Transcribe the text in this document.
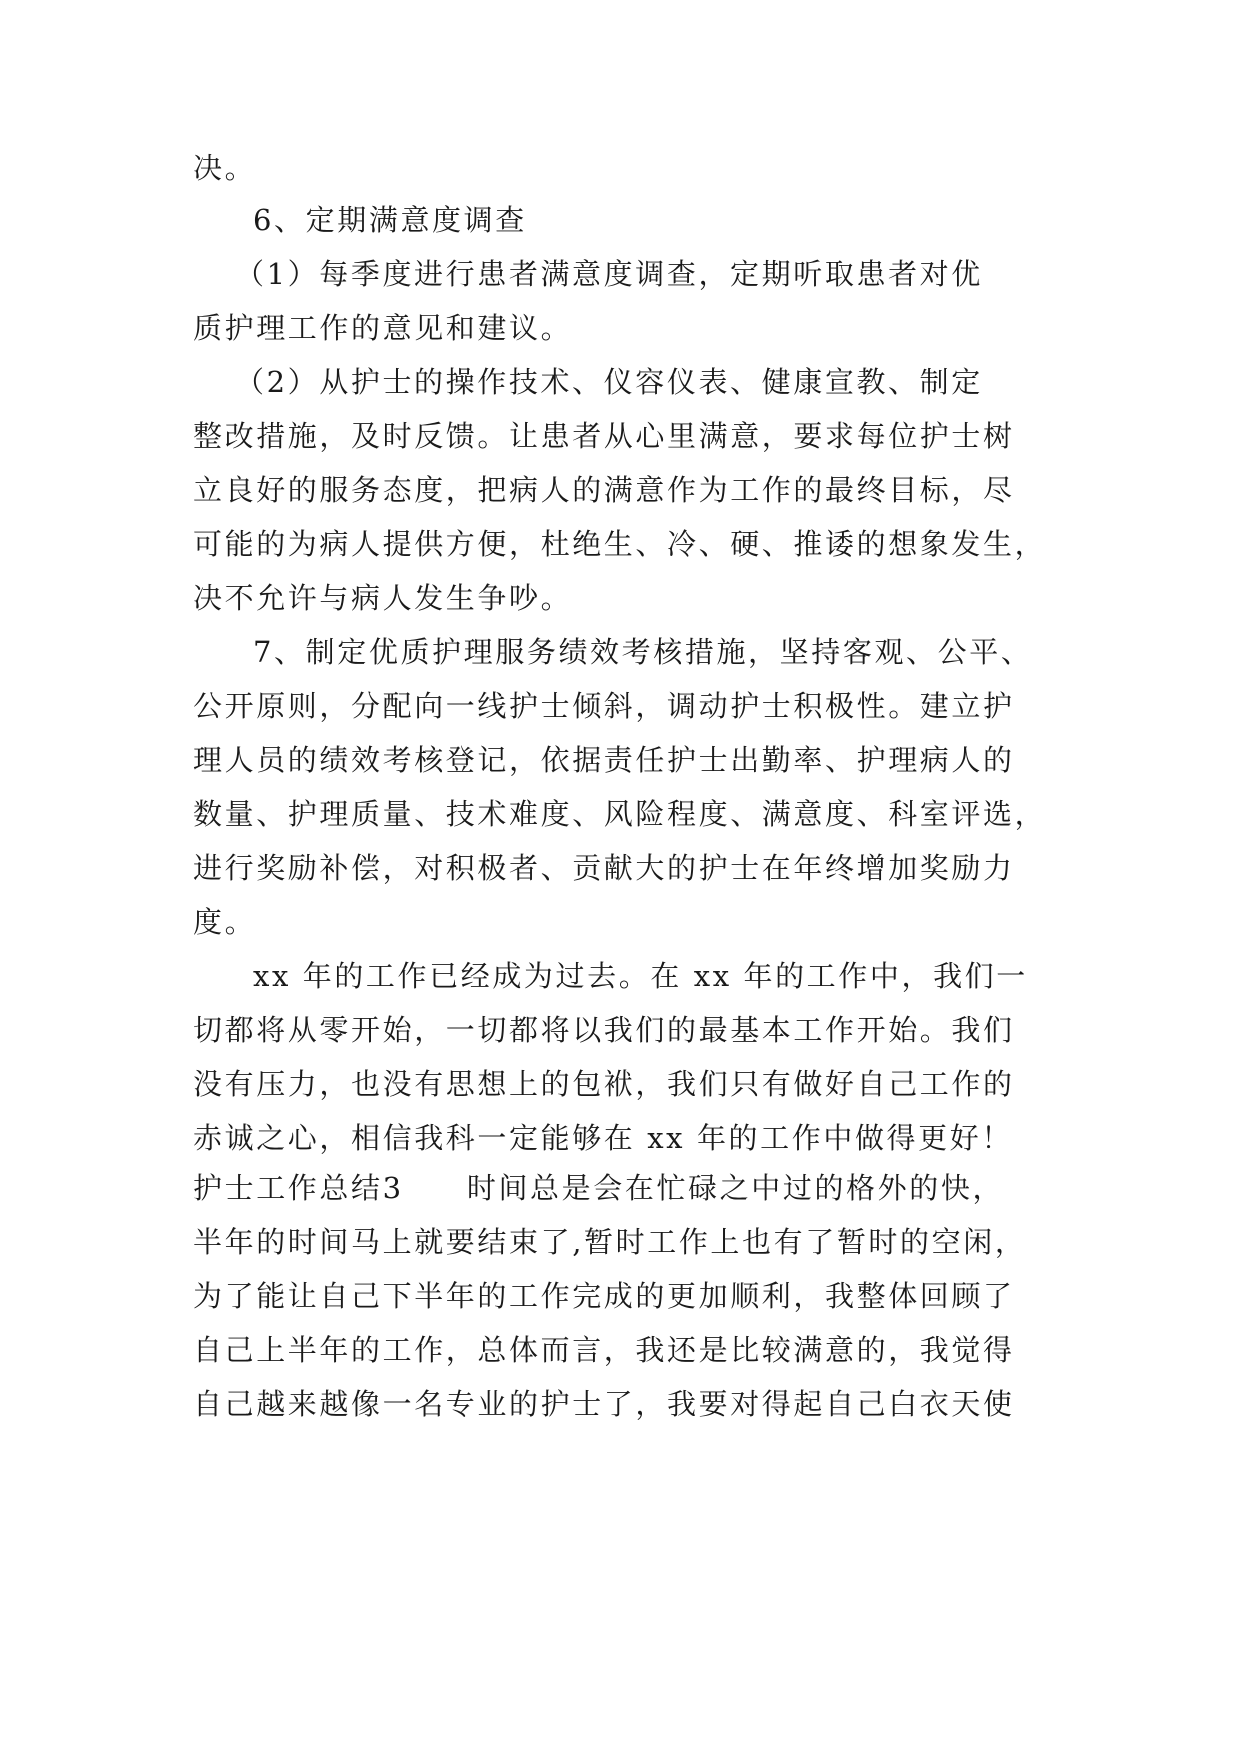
决。
6、定期满意度调查
（1）每季度进行患者满意度调查，定期听取患者对优
质护理工作的意见和建议。
（2）从护士的操作技术、仪容仪表、健康宣教、制定
整改措施，及时反馈。让患者从心里满意，要求每位护士树
立良好的服务态度，把病人的满意作为工作的最终目标，尽
可能的为病人提供方便，杜绝生、冷、硬、推诿的想象发生，
决不允许与病人发生争吵。
7、制定优质护理服务绩效考核措施，坚持客观、公平、
公开原则，分配向一线护士倾斜，调动护士积极性。建立护
理人员的绩效考核登记，依据责任护士出勤率、护理病人的
数量、护理质量、技术难度、风险程度、满意度、科室评选，
进行奖励补偿，对积极者、贡献大的护士在年终增加奖励力
度。
xx 年的工作已经成为过去。在 xx 年的工作中，我们一
切都将从零开始，一切都将以我们的最基本工作开始。我们
没有压力，也没有思想上的包袱，我们只有做好自己工作的
赤诚之心，相信我科一定能够在 xx 年的工作中做得更好！
护士工作总结3　　时间总是会在忙碌之中过的格外的快，
半年的时间马上就要结束了,暂时工作上也有了暂时的空闲，
为了能让自己下半年的工作完成的更加顺利，我整体回顾了
自己上半年的工作，总体而言，我还是比较满意的，我觉得
自己越来越像一名专业的护士了，我要对得起自己白衣天使
